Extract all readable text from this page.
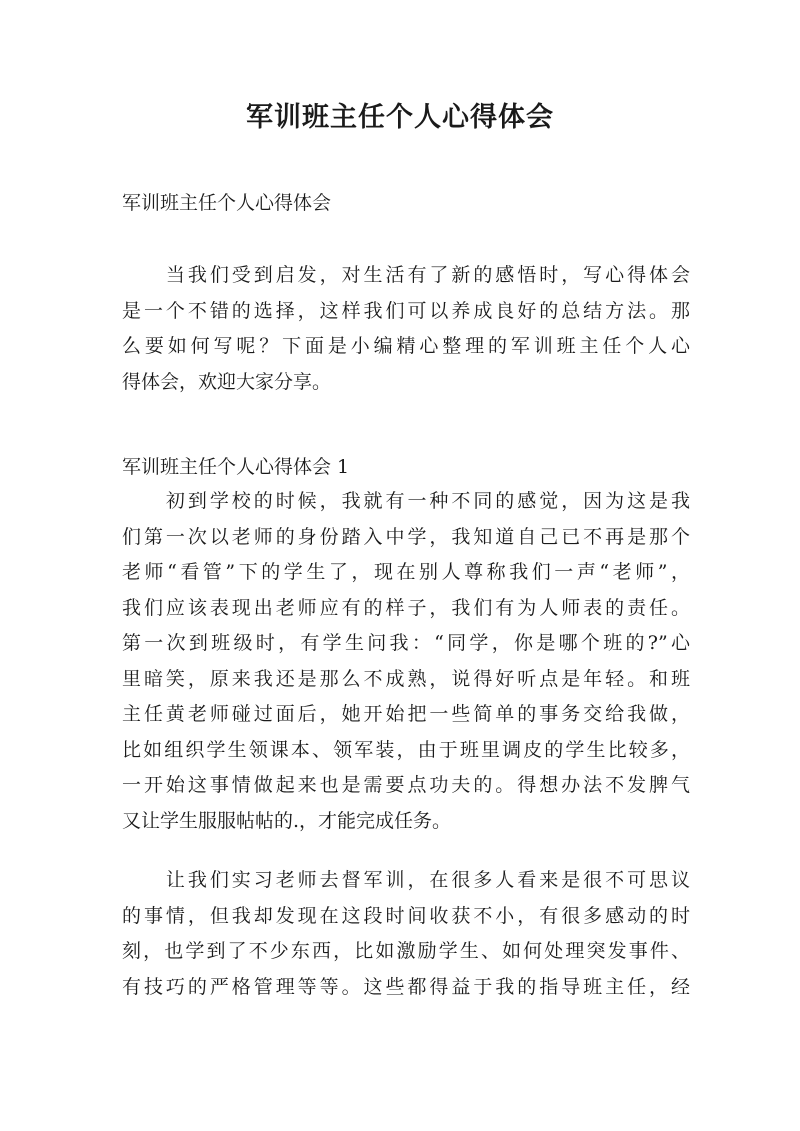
军训班主任个人心得体会

军训班主任个人心得体会

　　当我们受到启发，对生活有了新的感悟时，写心得体会
是一个不错的选择，这样我们可以养成良好的总结方法。那
么要如何写呢？下面是小编精心整理的军训班主任个人心
得体会，欢迎大家分享。

军训班主任个人心得体会 1

　　初到学校的时候，我就有一种不同的感觉，因为这是我
们第一次以老师的身份踏入中学，我知道自己已不再是那个
老师“看管”下的学生了，现在别人尊称我们一声“老师”，
我们应该表现出老师应有的样子，我们有为人师表的责任。
第一次到班级时，有学生问我：“同学，你是哪个班的?”心
里暗笑，原来我还是那么不成熟，说得好听点是年轻。和班
主任黄老师碰过面后，她开始把一些简单的事务交给我做，
比如组织学生领课本、领军装，由于班里调皮的学生比较多，
一开始这事情做起来也是需要点功夫的。得想办法不发脾气
又让学生服服帖帖的.，才能完成任务。
　　让我们实习老师去督军训，在很多人看来是很不可思议
的事情，但我却发现在这段时间收获不小，有很多感动的时
刻，也学到了不少东西，比如激励学生、如何处理突发事件、
有技巧的严格管理等等。这些都得益于我的指导班主任，经
